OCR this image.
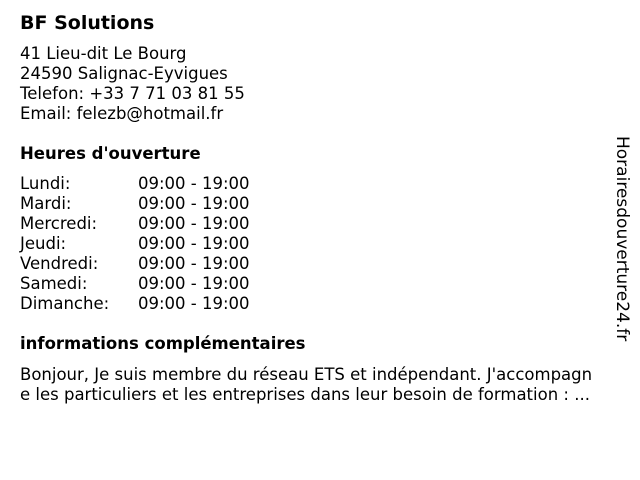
BF Solutions
41 Lieu-dit Le Bourg
24590 Salignac-Eyvigues
Telefon: +33 7 71 03 81 55
Email: felezb@hotmail.fr
Heures d'ouverture
Lundi:	09:00 - 19:00
Mardi:	09:00 - 19:00
Mercredi: 09:00 - 19:00
Jeudi:	09:00 - 19:00
Vendredi: 09:00 - 19:00
Samedi:	09:00 - 19:00
Dimanche: 09:00 - 19:00
informations complémentaires
Bonjour, Je suis membre du réseau ETS et indépendant. J'accompagn
e les particuliers et les entreprises dans leur besoin de formation : ...
Horairesdouverture24.fr
